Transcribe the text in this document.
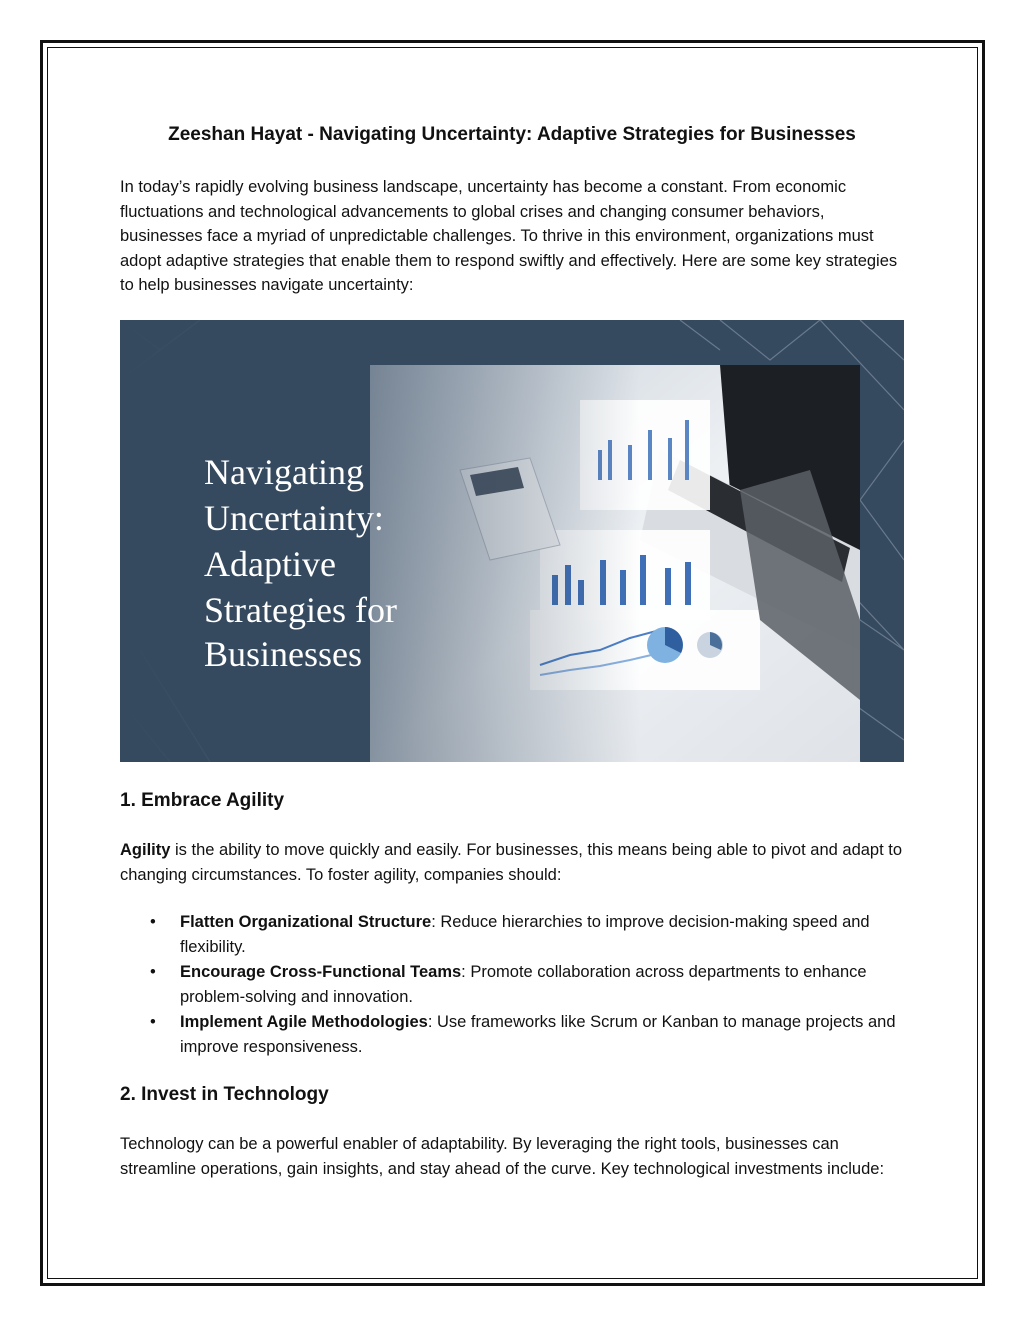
Zeeshan Hayat - Navigating Uncertainty: Adaptive Strategies for Businesses

In today’s rapidly evolving business landscape, uncertainty has become a constant. From economic fluctuations and technological advancements to global crises and changing consumer behaviors, businesses face a myriad of unpredictable challenges. To thrive in this environment, organizations must adopt adaptive strategies that enable them to respond swiftly and effectively. Here are some key strategies to help businesses navigate uncertainty:

Navigating
Uncertainty:
Adaptive
Strategies for
Businesses
1. Embrace Agility

Agility is the ability to move quickly and easily. For businesses, this means being able to pivot and adapt to changing circumstances. To foster agility, companies should:

• Flatten Organizational Structure: Reduce hierarchies to improve decision-making speed and flexibility.
• Encourage Cross-Functional Teams: Promote collaboration across departments to enhance problem-solving and innovation.
• Implement Agile Methodologies: Use frameworks like Scrum or Kanban to manage projects and improve responsiveness.
2. Invest in Technology

Technology can be a powerful enabler of adaptability. By leveraging the right tools, businesses can streamline operations, gain insights, and stay ahead of the curve. Key technological investments include:
